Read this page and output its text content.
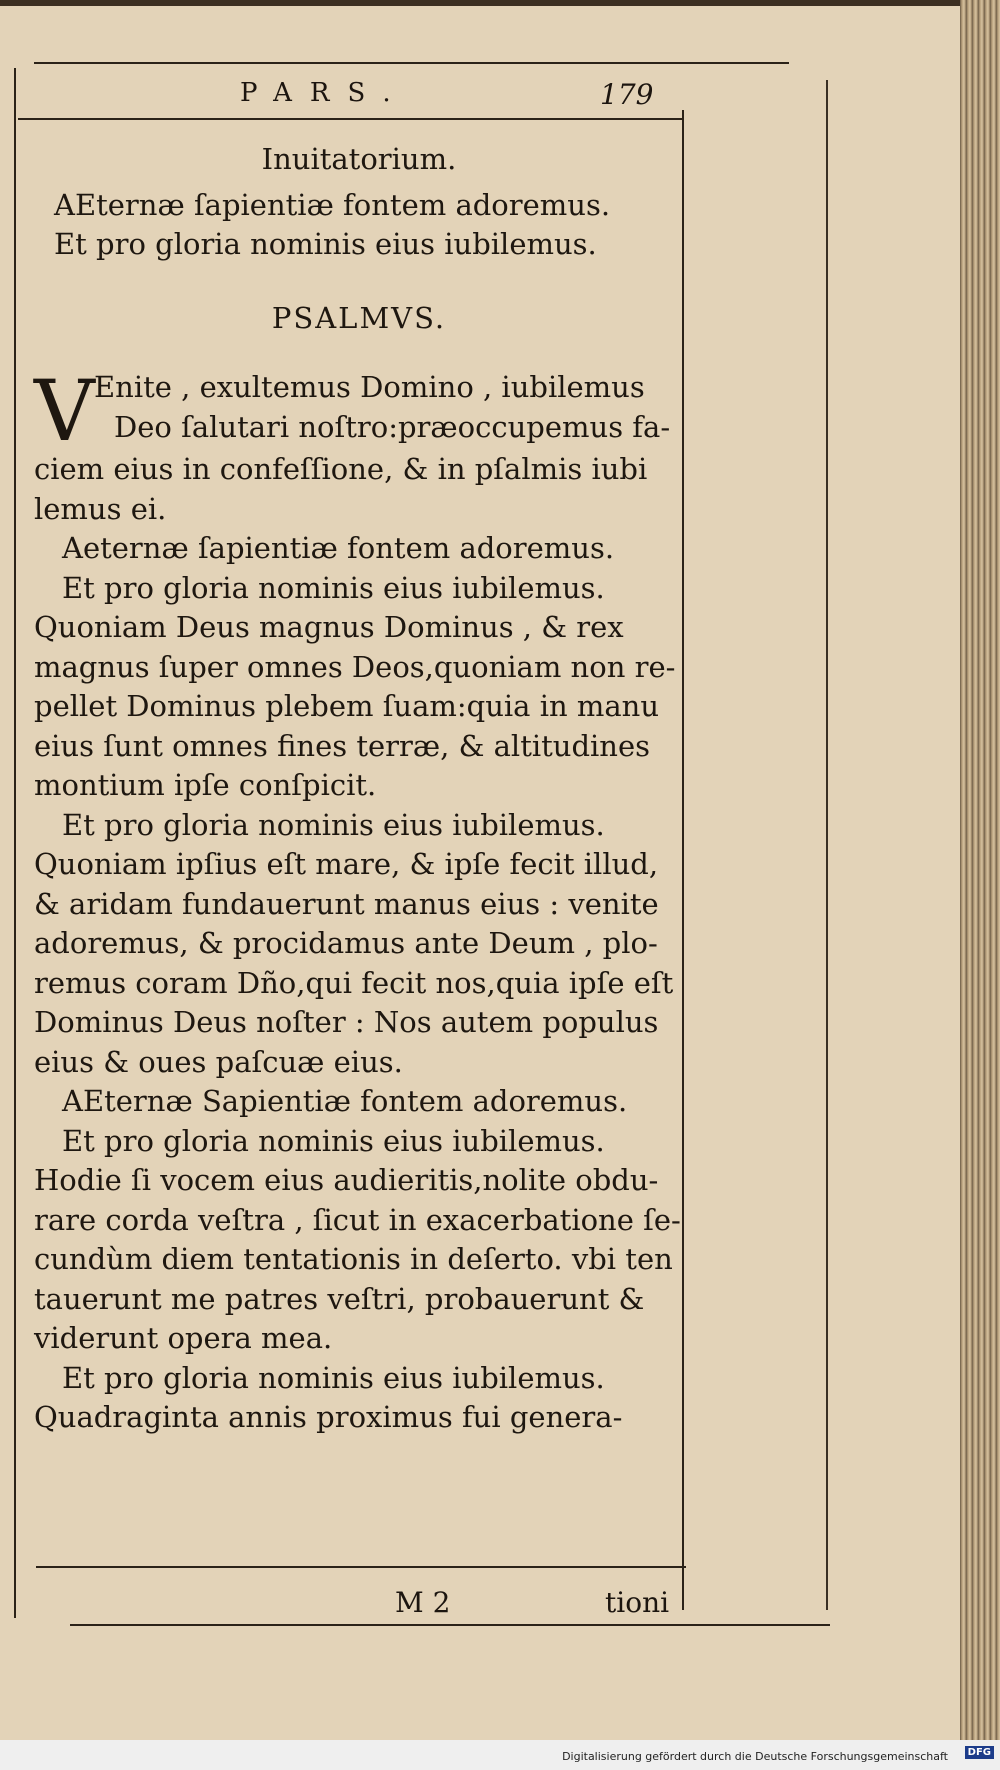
PARS.	179
Inuitatorium.
AEternæ ſapientiæ fontem adoremus.
Et pro gloria nominis eius iubilemus.
PSALMVS.
V Enite , exultemus Domino , iubilemus
Deo ſalutari noſtro:præoccupemus fa-
ciem eius in confeſſione, & in pſalmis iubi
lemus ei.
Aeternæ ſapientiæ fontem adoremus.
Et pro gloria nominis eius iubilemus.
Quoniam Deus magnus Dominus , & rex
magnus ſuper omnes Deos,quoniam non re-
pellet Dominus plebem ſuam:quia in manu
eius ſunt omnes fines terræ, & altitudines
montium ipſe conſpicit.
Et pro gloria nominis eius iubilemus.
Quoniam ipſius eſt mare, & ipſe fecit illud,
& aridam fundauerunt manus eius : venite
adoremus, & procidamus ante Deum , plo-
remus coram Dño,qui fecit nos,quia ipſe eſt
Dominus Deus noſter : Nos autem populus
eius & oues paſcuæ eius.
AEternæ Sapientiæ fontem adoremus.
Et pro gloria nominis eius iubilemus.
Hodie ſi vocem eius audieritis,nolite obdu-
rare corda veſtra , ſicut in exacerbatione ſe-
cundùm diem tentationis in deſerto. vbi ten
tauerunt me patres veſtri, probauerunt &
viderunt opera mea.
Et pro gloria nominis eius iubilemus.
Quadraginta annis proximus fui genera-
M 2	tioni
Digitalisierung gefördert durch die Deutsche Forschungsgemeinschaft	DFG
